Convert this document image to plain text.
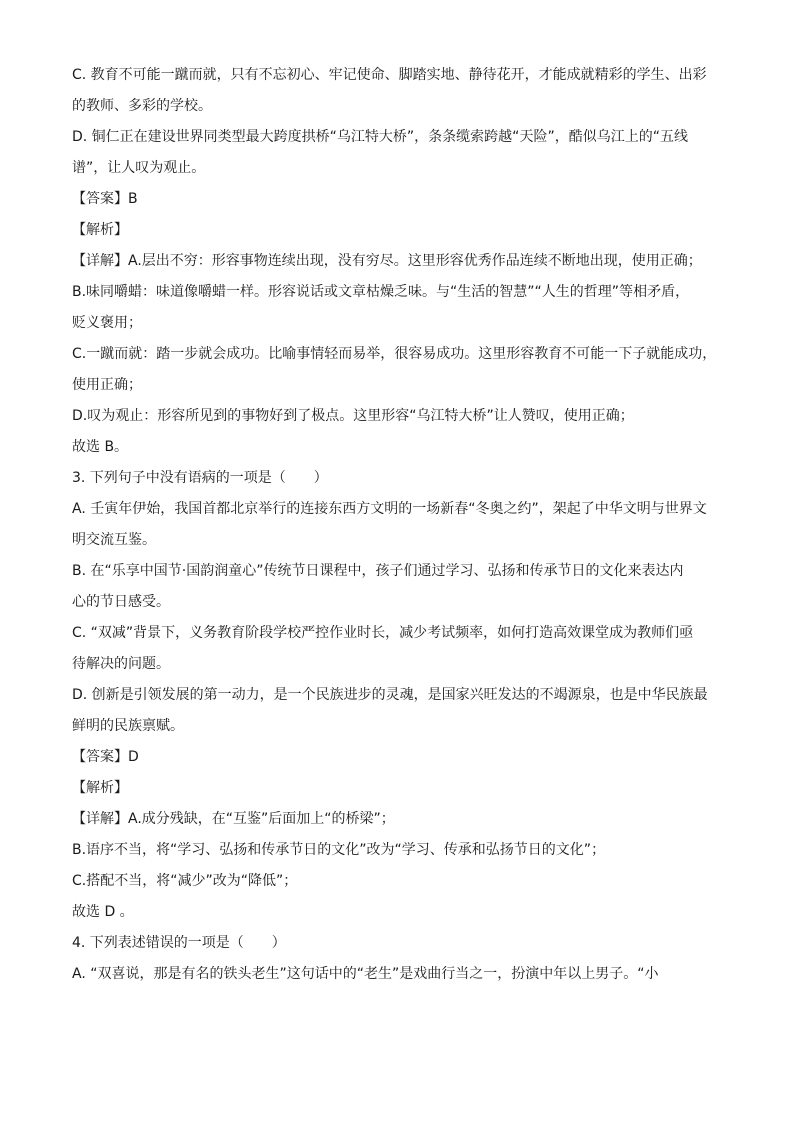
C. 教育不可能一蹴而就，只有不忘初心、牢记使命、脚踏实地、静待花开，才能成就精彩的学生、出彩
的教师、多彩的学校。
D. 铜仁正在建设世界同类型最大跨度拱桥“乌江特大桥”，条条缆索跨越“天险”，酷似乌江上的“五线
谱”，让人叹为观止。
【答案】B
【解析】
【详解】A.层出不穷：形容事物连续出现，没有穷尽。这里形容优秀作品连续不断地出现，使用正确；
B.味同嚼蜡：味道像嚼蜡一样。形容说话或文章枯燥乏味。与“生活的智慧”“人生的哲理”等相矛盾，
贬义褒用；
C.一蹴而就：踏一步就会成功。比喻事情轻而易举，很容易成功。这里形容教育不可能一下子就能成功，
使用正确；
D.叹为观止：形容所见到的事物好到了极点。这里形容“乌江特大桥”让人赞叹，使用正确；
故选 B。
3. 下列句子中没有语病的一项是（　　）
A. 壬寅年伊始，我国首都北京举行的连接东西方文明的一场新春“冬奥之约”，架起了中华文明与世界文
明交流互鉴。
B. 在“乐享中国节·国韵润童心”传统节日课程中，孩子们通过学习、弘扬和传承节日的文化来表达内
心的节日感受。
C. “双减”背景下，义务教育阶段学校严控作业时长，减少考试频率，如何打造高效课堂成为教师们亟
待解决的问题。
D. 创新是引领发展的第一动力，是一个民族进步的灵魂，是国家兴旺发达的不竭源泉，也是中华民族最
鲜明的民族禀赋。
【答案】D
【解析】
【详解】A.成分残缺，在“互鉴”后面加上“的桥梁”；
B.语序不当，将“学习、弘扬和传承节日的文化”改为“学习、传承和弘扬节日的文化”；
C.搭配不当，将“减少”改为“降低”；
故选 D 。
4. 下列表述错误的一项是（　　）
A. “双喜说，那是有名的铁头老生”这句话中的“老生”是戏曲行当之一，扮演中年以上男子。“小
